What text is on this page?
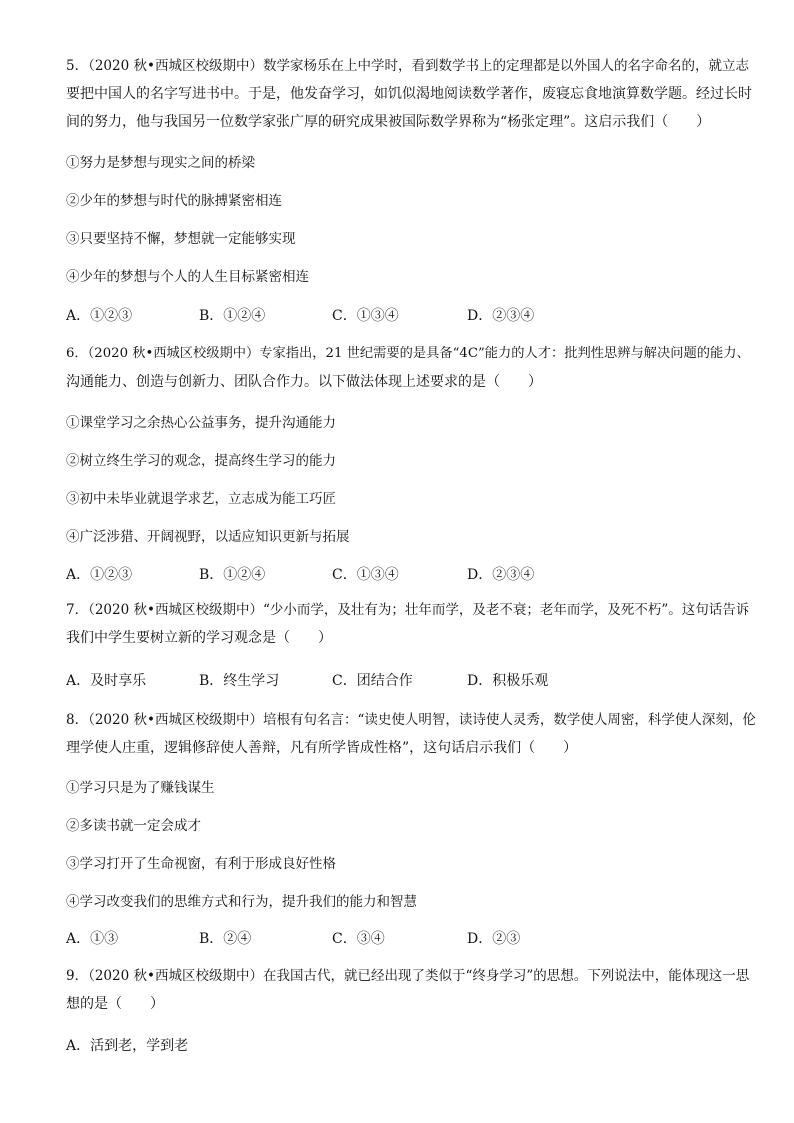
5．（2020 秋•西城区校级期中）数学家杨乐在上中学时，看到数学书上的定理都是以外国人的名字命名的，就立志

要把中国人的名字写进书中。于是，他发奋学习，如饥似渴地阅读数学著作，废寝忘食地演算数学题。经过长时

间的努力，他与我国另一位数学家张广厚的研究成果被国际数学界称为“杨张定理”。这启示我们（　　）

①努力是梦想与现实之间的桥梁
②少年的梦想与时代的脉搏紧密相连
③只要坚持不懈，梦想就一定能够实现
④少年的梦想与个人的人生目标紧密相连
A．①②③	B．①②④	C．①③④	D．②③④

6．（2020 秋•西城区校级期中）专家指出，21 世纪需要的是具备“4C”能力的人才：批判性思辨与解决问题的能力、

沟通能力、创造与创新力、团队合作力。以下做法体现上述要求的是（　　）

①课堂学习之余热心公益事务，提升沟通能力
②树立终生学习的观念，提高终生学习的能力
③初中未毕业就退学求艺，立志成为能工巧匠
④广泛涉猎、开阔视野，以适应知识更新与拓展
A．①②③	B．①②④	C．①③④	D．②③④

7．（2020 秋•西城区校级期中）“少小而学，及壮有为；壮年而学，及老不衰；老年而学，及死不朽”。这句话告诉

我们中学生要树立新的学习观念是（　　）

A．及时享乐	B．终生学习	C．团结合作	D．积极乐观

8．（2020 秋•西城区校级期中）培根有句名言：“读史使人明智，读诗使人灵秀，数学使人周密，科学使人深刻，伦

理学使人庄重，逻辑修辞使人善辩，凡有所学皆成性格”，这句话启示我们（　　）

①学习只是为了赚钱谋生
②多读书就一定会成才
③学习打开了生命视窗，有利于形成良好性格
④学习改变我们的思维方式和行为，提升我们的能力和智慧
A．①③	B．②④	C．③④	D．②③

9．（2020 秋•西城区校级期中）在我国古代，就已经出现了类似于“终身学习”的思想。下列说法中，能体现这一思

想的是（　　）

A．活到老，学到老
